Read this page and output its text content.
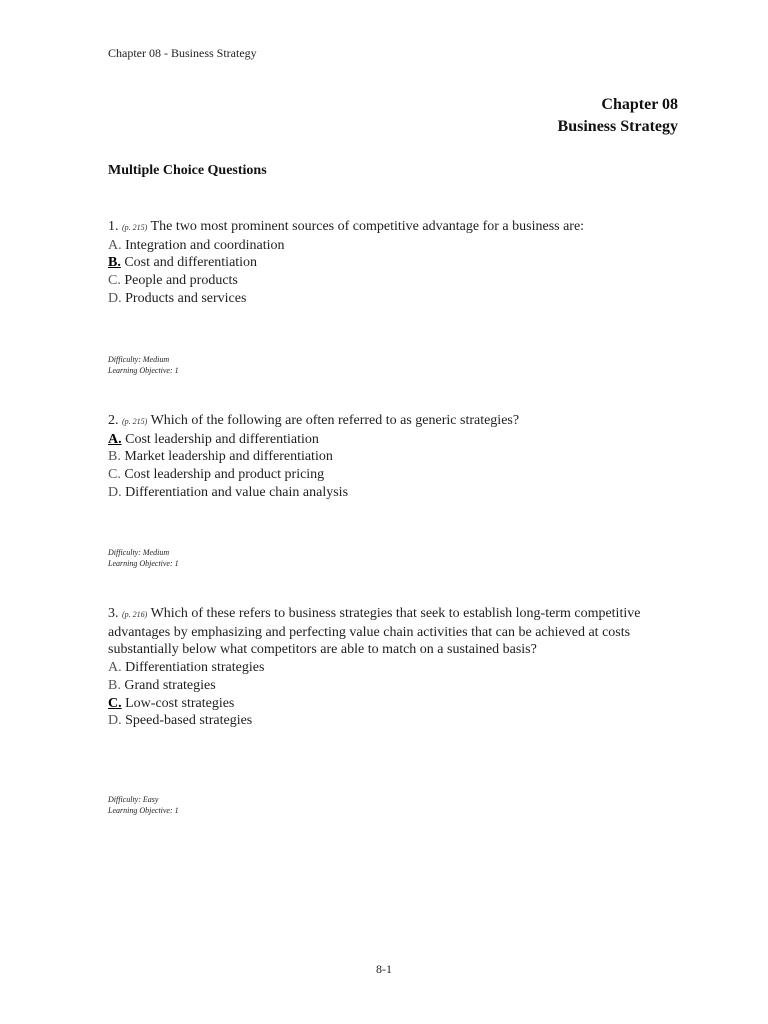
Chapter 08 - Business Strategy
Chapter 08
Business Strategy
Multiple Choice Questions
1. (p. 215) The two most prominent sources of competitive advantage for a business are:
A. Integration and coordination
B. Cost and differentiation
C. People and products
D. Products and services
Difficulty: Medium
Learning Objective: 1
2. (p. 215) Which of the following are often referred to as generic strategies?
A. Cost leadership and differentiation
B. Market leadership and differentiation
C. Cost leadership and product pricing
D. Differentiation and value chain analysis
Difficulty: Medium
Learning Objective: 1
3. (p. 216) Which of these refers to business strategies that seek to establish long-term competitive advantages by emphasizing and perfecting value chain activities that can be achieved at costs substantially below what competitors are able to match on a sustained basis?
A. Differentiation strategies
B. Grand strategies
C. Low-cost strategies
D. Speed-based strategies
Difficulty: Easy
Learning Objective: 1
8-1
